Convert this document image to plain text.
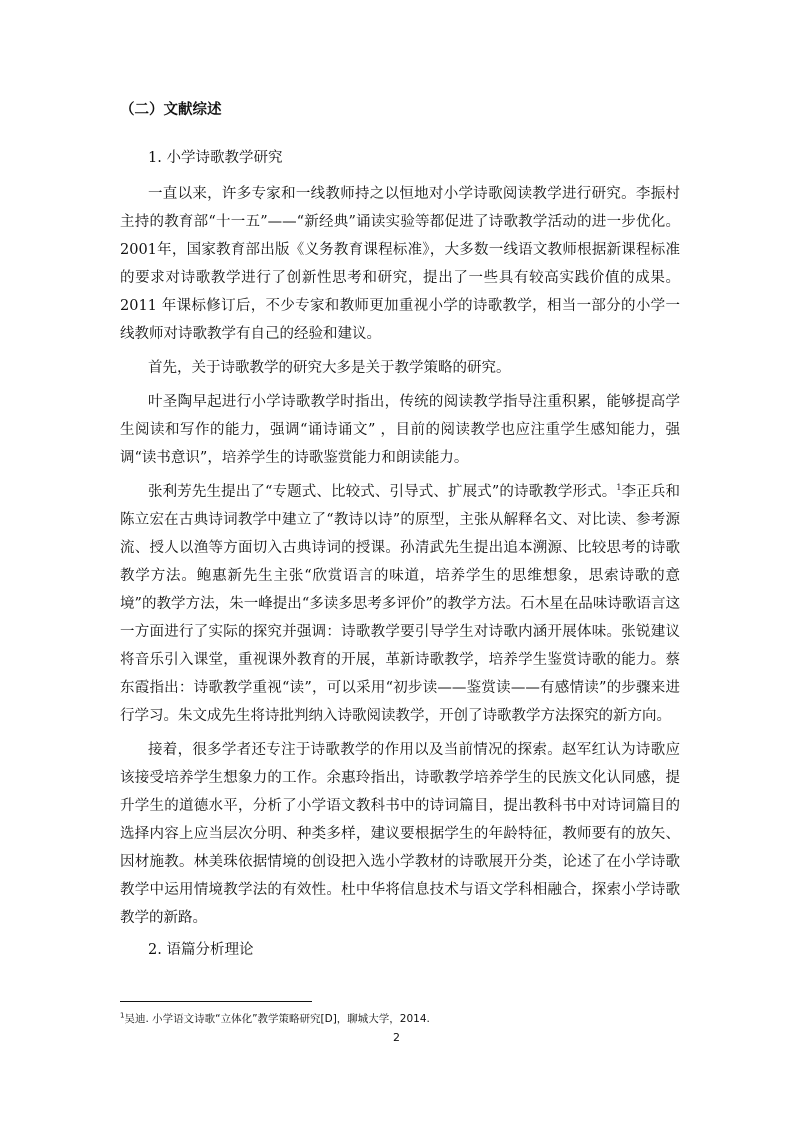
（二）文献综述
1. 小学诗歌教学研究

一直以来，许多专家和一线教师持之以恒地对小学诗歌阅读教学进行研究。李振村主持的教育部“十一五”——“新经典”诵读实验等都促进了诗歌教学活动的进一步优化。2001年，国家教育部出版《义务教育课程标准》，大多数一线语文教师根据新课程标准的要求对诗歌教学进行了创新性思考和研究，提出了一些具有较高实践价值的成果。 2011 年课标修订后，不少专家和教师更加重视小学的诗歌教学，相当一部分的小学一线教师对诗歌教学有自己的经验和建议。

首先，关于诗歌教学的研究大多是关于教学策略的研究。

叶圣陶早起进行小学诗歌教学时指出，传统的阅读教学指导注重积累，能够提高学生阅读和写作的能力，强调“诵诗诵文” ，目前的阅读教学也应注重学生感知能力，强调“读书意识”，培养学生的诗歌鉴赏能力和朗读能力。

张利芳先生提出了“专题式、比较式、引导式、扩展式”的诗歌教学形式。$^1$李正兵和陈立宏在古典诗词教学中建立了“教诗以诗”的原型，主张从解释名文、对比读、参考源流、授人以渔等方面切入古典诗词的授课。孙清武先生提出追本溯源、比较思考的诗歌教学方法。鲍惠新先生主张“欣赏语言的味道，培养学生的思维想象，思索诗歌的意境”的教学方法，朱一峰提出“多读多思考多评价”的教学方法。石木星在品味诗歌语言这一方面进行了实际的探究并强调：诗歌教学要引导学生对诗歌内涵开展体味。张锐建议将音乐引入课堂，重视课外教育的开展，革新诗歌教学，培养学生鉴赏诗歌的能力。蔡东霞指出：诗歌教学重视“读”，可以采用“初步读——鉴赏读——有感情读”的步骤来进行学习。朱文成先生将诗批判纳入诗歌阅读教学，开创了诗歌教学方法探究的新方向。

接着，很多学者还专注于诗歌教学的作用以及当前情况的探索。赵军红认为诗歌应该接受培养学生想象力的工作。余惠玲指出，诗歌教学培养学生的民族文化认同感，提升学生的道德水平，分析了小学语文教科书中的诗词篇目，提出教科书中对诗词篇目的选择内容上应当层次分明、种类多样，建议要根据学生的年龄特征，教师要有的放矢、因材施教。林美珠依据情境的创设把入选小学教材的诗歌展开分类，论述了在小学诗歌教学中运用情境教学法的有效性。杜中华将信息技术与语文学科相融合，探索小学诗歌教学的新路。

2. 语篇分析理论
$^1$吴迪. 小学语文诗歌“立体化”教学策略研究[D]，聊城大学，2014.
2
